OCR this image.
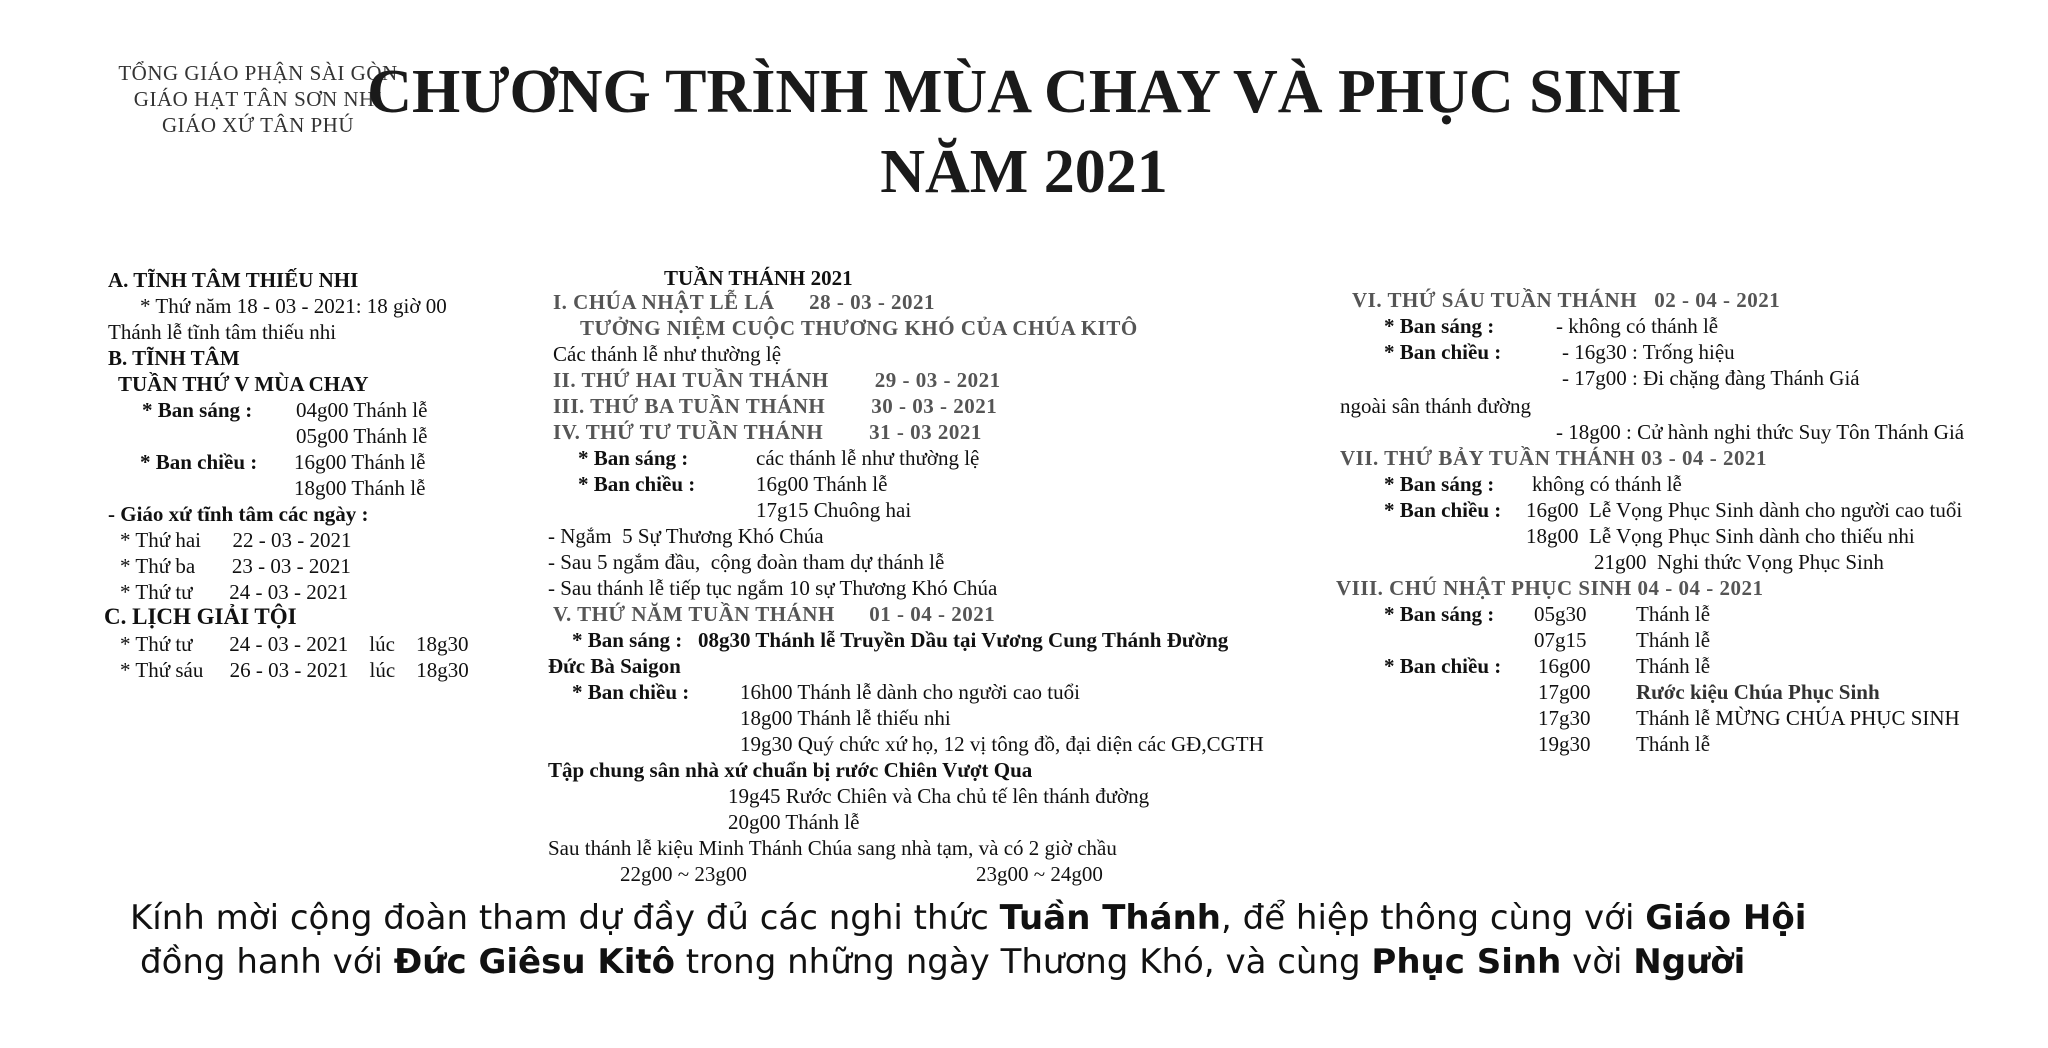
TỔNG GIÁO PHẬN SÀI GÒN
GIÁO HẠT TÂN SƠN NHÌ
GIÁO XỨ TÂN PHÚ CHƯƠNG TRÌNH MÙA CHAY VÀ PHỤC SINH
NĂM 2021
A. TĨNH TÂM THIẾU NHI
* Thứ năm 18 - 03 - 2021: 18 giờ 00
Thánh lễ tĩnh tâm thiếu nhi
B. TĨNH TÂM
TUẦN THỨ V MÙA CHAY
* Ban sáng : 04g00 Thánh lễ
05g00 Thánh lễ
* Ban chiều : 16g00 Thánh lễ
18g00 Thánh lễ
- Giáo xứ tĩnh tâm các ngày :
* Thứ hai      22 - 03 - 2021
* Thứ ba       23 - 03 - 2021
* Thứ tư       24 - 03 - 2021
C. LỊCH GIẢI TỘI
* Thứ tư       24 - 03 - 2021    lúc    18g30
* Thứ sáu     26 - 03 - 2021    lúc    18g30
TUẦN THÁNH 2021
I. CHÚA NHẬT LỄ LÁ      28 - 03 - 2021
TƯỞNG NIỆM CUỘC THƯƠNG KHÓ CỦA CHÚA KITÔ
Các thánh lễ như thường lệ
II. THỨ HAI TUẦN THÁNH        29 - 03 - 2021
III. THỨ BA TUẦN THÁNH        30 - 03 - 2021
IV. THỨ TƯ TUẦN THÁNH        31 - 03 2021
* Ban sáng :	các thánh lễ như thường lệ
* Ban chiều :	16g00 Thánh lễ
17g15 Chuông hai
- Ngắm  5 Sự Thương Khó Chúa
- Sau 5 ngắm đầu,  cộng đoàn tham dự thánh lễ
- Sau thánh lễ tiếp tục ngắm 10 sự Thương Khó Chúa
V. THỨ NĂM TUẦN THÁNH      01 - 04 - 2021
* Ban sáng :   08g30 Thánh lễ Truyền Dầu tại Vương Cung Thánh Đường
Đức Bà Saigon
* Ban chiều : 16h00 Thánh lễ dành cho người cao tuổi
18g00 Thánh lễ thiếu nhi
19g30 Quý chức xứ họ, 12 vị tông đồ, đại diện các GĐ,CGTH
Tập chung sân nhà xứ chuẩn bị rước Chiên Vượt Qua
19g45 Rước Chiên và Cha chủ tế lên thánh đường
20g00 Thánh lễ
Sau thánh lễ kiệu Minh Thánh Chúa sang nhà tạm, và có 2 giờ chầu
22g00 ~ 23g00	23g00 ~ 24g00
VI. THỨ SÁU TUẦN THÁNH   02 - 04 - 2021
* Ban sáng :	- không có thánh lễ
* Ban chiều :	- 16g30 : Trống hiệu
- 17g00 : Đi chặng đàng Thánh Giá
ngoài sân thánh đường
- 18g00 : Cử hành nghi thức Suy Tôn Thánh Giá
VII. THỨ BẢY TUẦN THÁNH 03 - 04 - 2021
* Ban sáng : không có thánh lễ
* Ban chiều : 16g00  Lễ Vọng Phục Sinh dành cho người cao tuổi
18g00  Lễ Vọng Phục Sinh dành cho thiếu nhi
21g00  Nghi thức Vọng Phục Sinh
VIII. CHÚ NHẬT PHỤC SINH 04 - 04 - 2021
* Ban sáng : 05g30 Thánh lễ
07g15 Thánh lễ
* Ban chiều : 16g00 Thánh lễ
17g00 Rước kiệu Chúa Phục Sinh
17g30 Thánh lễ MỪNG CHÚA PHỤC SINH
19g30 Thánh lễ
Kính mời cộng đoàn tham dự đầy đủ các nghi thức Tuần Thánh, để hiệp thông cùng với Giáo Hội
đồng hanh với Đức Giêsu Kitô trong những ngày Thương Khó, và cùng Phục Sinh vời Người
